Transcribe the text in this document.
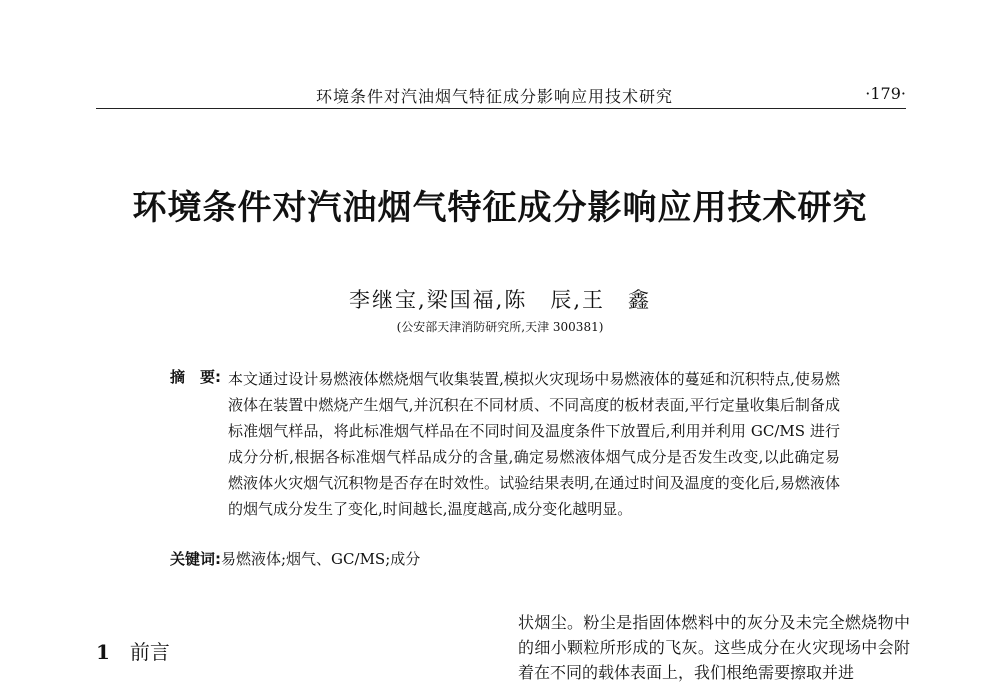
环境条件对汽油烟气特征成分影响应用技术研究	·179·
环境条件对汽油烟气特征成分影响应用技术研究
李继宝,梁国福,陈　辰,王　鑫
(公安部天津消防研究所,天津 300381)
摘　要: 本文通过设计易燃液体燃烧烟气收集装置,模拟火灾现场中易燃液体的蔓延和沉积特点,使易燃液体在装置中燃烧产生烟气,并沉积在不同材质、不同高度的板材表面,平行定量收集后制备成标准烟气样品，将此标准烟气样品在不同时间及温度条件下放置后,利用并利用 GC/MS 进行成分分析,根据各标准烟气样品成分的含量,确定易燃液体烟气成分是否发生改变,以此确定易燃液体火灾烟气沉积物是否存在时效性。试验结果表明,在通过时间及温度的变化后,易燃液体的烟气成分发生了变化,时间越长,温度越高,成分变化越明显。
关键词:易燃液体;烟气、GC/MS;成分
1 前言
状烟尘。粉尘是指固体燃料中的灰分及未完全燃烧物中的细小颗粒所形成的飞灰。这些成分在火灾现场中会附着在不同的载体表面上，我们根绝需要擦取并进
